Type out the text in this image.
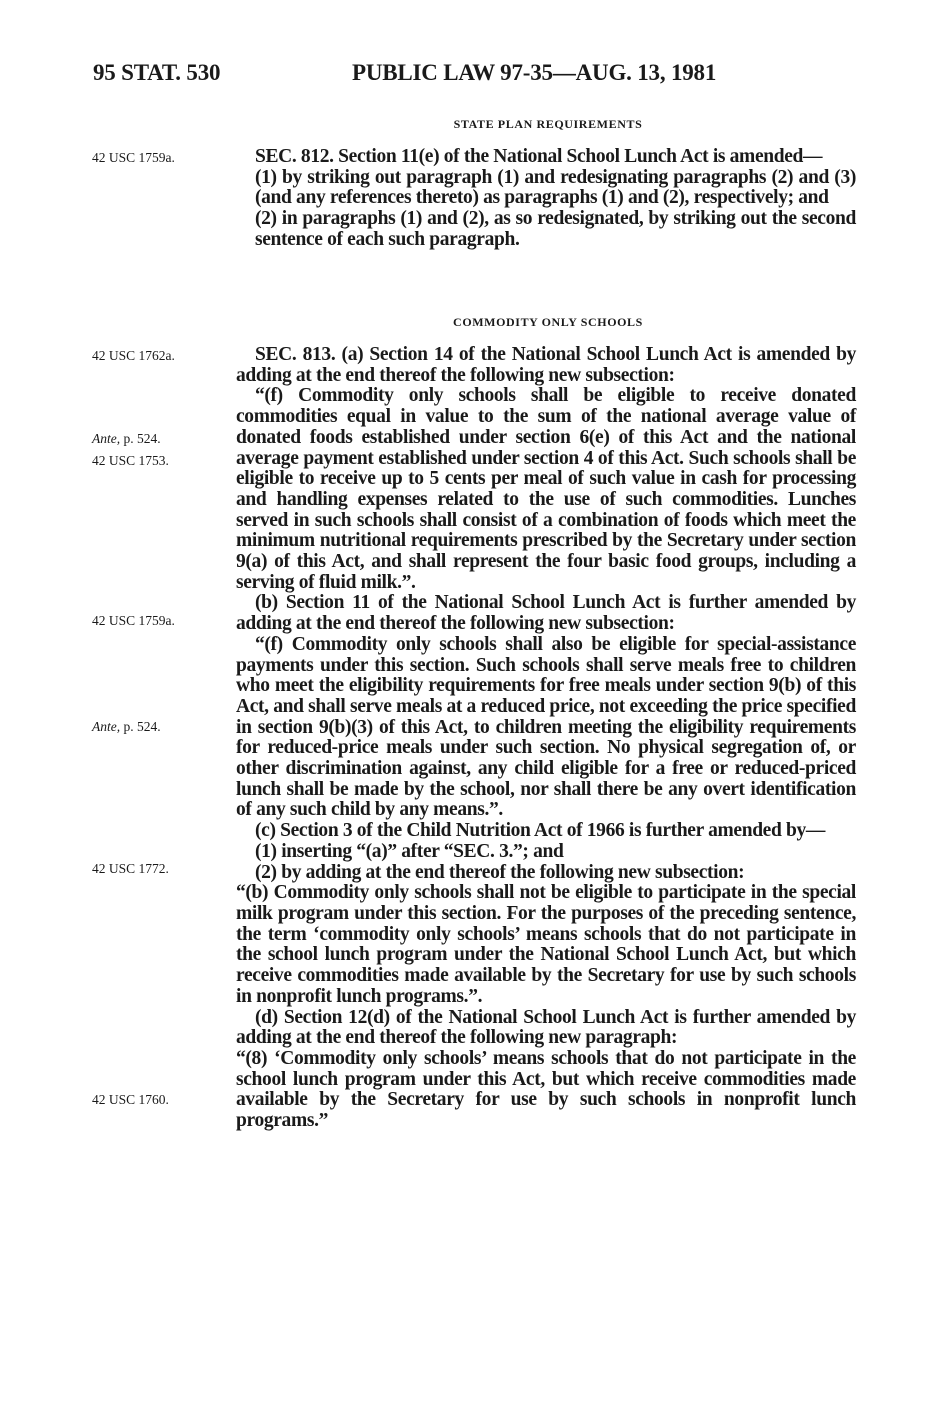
95 STAT. 530	PUBLIC LAW 97-35—AUG. 13, 1981
STATE PLAN REQUIREMENTS
42 USC 1759a.	SEC. 812. Section 11(e) of the National School Lunch Act is amended—

(1) by striking out paragraph (1) and redesignating paragraphs (2) and (3) (and any references thereto) as paragraphs (1) and (2), respectively; and

(2) in paragraphs (1) and (2), as so redesignated, by striking out the second sentence of each such paragraph.

COMMODITY ONLY SCHOOLS
42 USC 1762a.
Ante, p. 524.
42 USC 1753.
42 USC 1759a.
Ante, p. 524.
42 USC 1772.
42 USC 1760.

SEC. 813. (a) Section 14 of the National School Lunch Act is amended by adding at the end thereof the following new subsection:

“(f) Commodity only schools shall be eligible to receive donated commodities equal in value to the sum of the national average value of donated foods established under section 6(e) of this Act and the national average payment established under section 4 of this Act. Such schools shall be eligible to receive up to 5 cents per meal of such value in cash for processing and handling expenses related to the use of such commodities. Lunches served in such schools shall consist of a combination of foods which meet the minimum nutritional requirements prescribed by the Secretary under section 9(a) of this Act, and shall represent the four basic food groups, including a serving of fluid milk.”.

(b) Section 11 of the National School Lunch Act is further amended by adding at the end thereof the following new subsection:

“(f) Commodity only schools shall also be eligible for special-assistance payments under this section. Such schools shall serve meals free to children who meet the eligibility requirements for free meals under section 9(b) of this Act, and shall serve meals at a reduced price, not exceeding the price specified in section 9(b)(3) of this Act, to children meeting the eligibility requirements for reduced-price meals under such section. No physical segregation of, or other discrimination against, any child eligible for a free or reduced-priced lunch shall be made by the school, nor shall there be any overt identification of any such child by any means.”.

(c) Section 3 of the Child Nutrition Act of 1966 is further amended by—

(1) inserting “(a)” after “SEC. 3.”; and

(2) by adding at the end thereof the following new subsection:

“(b) Commodity only schools shall not be eligible to participate in the special milk program under this section. For the purposes of the preceding sentence, the term ‘commodity only schools’ means schools that do not participate in the school lunch program under the National School Lunch Act, but which receive commodities made available by the Secretary for use by such schools in nonprofit lunch programs.”.

(d) Section 12(d) of the National School Lunch Act is further amended by adding at the end thereof the following new paragraph:

“(8) ‘Commodity only schools’ means schools that do not participate in the school lunch program under this Act, but which receive commodities made available by the Secretary for use by such schools in nonprofit lunch programs.”
